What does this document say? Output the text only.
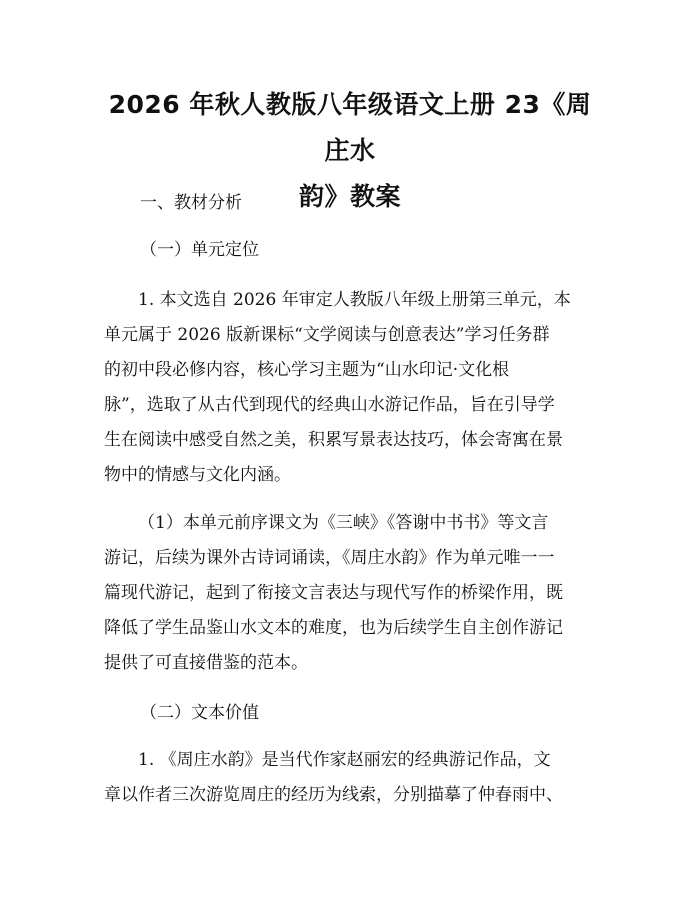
2026 年秋人教版八年级语文上册 23《周庄水
韵》教案
一、教材分析
（一）单元定位
1. 本文选自 2026 年审定人教版八年级上册第三单元，本
单元属于 2026 版新课标“文学阅读与创意表达”学习任务群
的初中段必修内容，核心学习主题为“山水印记·文化根
脉”，选取了从古代到现代的经典山水游记作品，旨在引导学
生在阅读中感受自然之美，积累写景表达技巧，体会寄寓在景
物中的情感与文化内涵。
（1）本单元前序课文为《三峡》《答谢中书书》等文言
游记，后续为课外古诗词诵读，《周庄水韵》作为单元唯一一
篇现代游记，起到了衔接文言表达与现代写作的桥梁作用，既
降低了学生品鉴山水文本的难度，也为后续学生自主创作游记
提供了可直接借鉴的范本。
（二）文本价值
1. 《周庄水韵》是当代作家赵丽宏的经典游记作品，文
章以作者三次游览周庄的经历为线索，分别描摹了仲春雨中、
